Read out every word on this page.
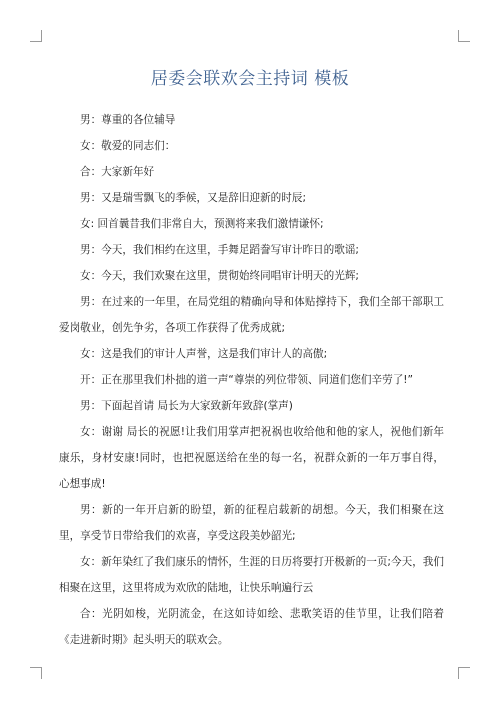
居委会联欢会主持词 模板

男：尊重的各位辅导

女：敬爱的同志们：

合：大家新年好

男：又是瑞雪飘飞的季候，又是辞旧迎新的时辰;

女: 回首曩昔我们非常自大，预测将来我们激情谦怀;

男：今天，我们相约在这里，手舞足蹈誊写审计昨日的歌谣;

女：今天，我们欢聚在这里，贯彻始终同唱审计明天的光辉;

男：在过来的一年里，在局党组的精确向导和体贴撑持下，我们全部干部职工爱岗敬业，创先争劣，各项工作获得了优秀成就;

女：这是我们的审计人声誉，这是我们审计人的高傲;

开：正在那里我们朴拙的道一声“尊崇的列位带领、同道们您们辛劳了!”

男：下面起首请 局长为大家致新年致辞(掌声)

女：谢谢 局长的祝愿!让我们用掌声把祝祸也收给他和他的家人，祝他们新年康乐，身材安康!同时，也把祝愿送给在坐的每一名，祝群众新的一年万事自得，心想事成!

男：新的一年开启新的盼望，新的征程启载新的胡想。今天，我们相聚在这里，享受节日带给我们的欢喜，享受这段美妙韶光;

女：新年染红了我们康乐的情怀，生涯的日历将要打开极新的一页;今天，我们相聚在这里，这里将成为欢欣的陆地，让快乐响遍行云

合：光阴如梭，光阴流金，在这如诗如绘、悲歌笑语的佳节里，让我们陪着《走进新时期》起头明天的联欢会。
